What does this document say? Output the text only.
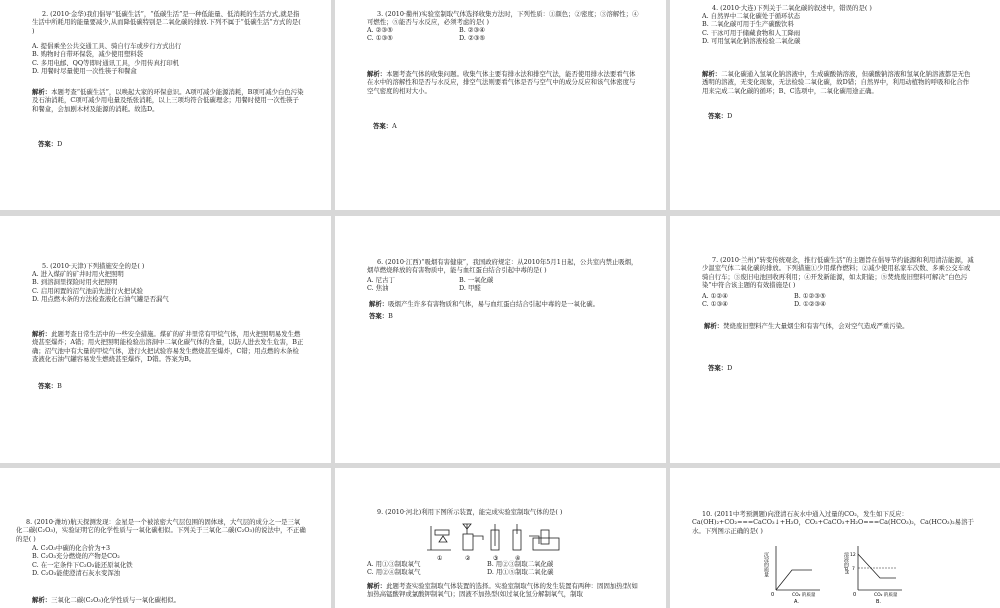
2. (2010·金华)我们倡导“低碳生活”，“低碳生活”是一种低能量、低消耗的生活方式,就是指生活中所耗用的能量要减少,从而降低碳特别是二氧化碳的排放.下列不属于“低碳生活”方式的是( )
A. 提倡乘坐公共交通工具、骑自行车或步行方式出行
B. 购物时自带环保袋，减少使用塑料袋
C. 多用电邮、QQ等即时通讯工具，少用传真打印机
D. 用餐时尽量使用一次性筷子和餐盒
解析：本题考查“低碳生活”，以唤起大家的环保意识。A项可减少能源消耗，B项可减少白色污染及石油消耗，C项可减少用电量及纸张消耗，以上三项均符合低碳理念；用餐时使用一次性筷子和餐盒，会加剧木材及能源的消耗。故选D。
答案：D
3. (2010·衢州)实验室制取气体选择收集方法时，下列性质：①颜色；②密度；③溶解性；④可燃性；⑤能否与水反应，必须考虑的是( )
A. ②③⑤	B. ②③④
C. ①③⑤	D. ②③⑤
解析：本题考查气体的收集问题。收集气体主要有排水法和排空气法，能否使用排水法要看气体在水中的溶解性和是否与水反应，排空气法则要看气体是否与空气中的成分反应和该气体密度与空气密度的相对大小。
答案：A
4. (2010·大连)下列关于二氧化碳的叙述中，错误的是( )
A. 自然界中二氧化碳处于循环状态
B. 二氧化碳可用于生产碳酸饮料
C. 干冰可用于储藏食物和人工降雨
D. 可用氢氧化钠溶液检验二氧化碳
解析：二氧化碳通入氢氧化钠溶液中，生成碳酸钠溶液，但碳酸钠溶液和氢氧化钠溶液都是无色透明的溶液，无变化现象，无法检验二氧化碳，故D错；自然界中，利用动植物的呼吸和化合作用来完成二氧化碳的循环；B、C选项中，二氧化碳用途正确。
答案：D
5. (2010·天津)下列措施安全的是( )
A. 进入煤矿的矿井时用火把照明
B. 到溶洞里探险时用火把照明
C. 启用闲置的沼气池前先进行火把试验
D. 用点燃木条的方法检查液化石油气罐是否漏气
解析：此题考查日常生活中的一些安全措施。煤矿的矿井里常有甲烷气体，用火把照明易发生燃烧甚至爆炸；A错；用火把照明能检验出溶洞中二氧化碳气体的含量，以防人进去发生危害，B正确；沼气池中有大量的甲烷气体，进行火把试验容易发生燃烧甚至爆炸，C错；用点燃的木条检查液化石油气罐容易发生燃烧甚至爆炸，D错。答案为B。
答案：B
6. (2010·江西)“吸烟有害健康”，我国政府规定：从2010年5月1日起，公共室内禁止吸烟，烟草燃烧释放的有害物质中，能与血红蛋白结合引起中毒的是( )
A. 尼古丁	B. 一氧化碳
C. 焦油	D. 甲醛
解析：吸烟产生许多有害物质和气体，易与血红蛋白结合引起中毒的是一氧化碳。
答案：B
7. (2010·兰州)“转变传统观念，推行低碳生活”的主题旨在倡导节约能源和利用清洁能源，减少温室气体二氧化碳的排放。下列措施①少用煤作燃料；②减少使用私家车次数、多乘公交车或骑自行车；③废旧电池回收再利用；④开发新能源，如太阳能；⑤焚烧废旧塑料可解决“白色污染”中符合该主题的有效措施是( )
A. ①②④	B. ①②③⑤
C. ①③④	D. ①②③④
解析：焚烧废旧塑料产生大量烟尘和有害气体，会对空气造成严重污染。
答案：D
8. (2010·潍坊)航天探测发现：金星是一个被浓密大气层包围的固体球，大气层的成分之一是三氧化二碳(C₂O₃)，实验证明它的化学性质与一氧化碳相似。下列关于三氧化二碳(C₂O₃)的说法中，不正确的是( )
A. C₂O₃中碳的化合价为+3
B. C₂O₃充分燃烧的产物是CO₂
C. 在一定条件下C₂O₃能还原氧化铁
D. C₂O₃能使澄清石灰水变浑浊
解析：三氧化二碳(C₂O₃)化学性质与一氧化碳相似。
9. (2010·河北)利用下图所示装置，能完成实验室制取气体的是( )
①	②	③	④
A. 用①③制取氧气	B. 用②③制取二氧化碳
C. 用②④制取氧气	D. 用①⑤制取二氧化碳
解析：此题考查实验室制取气体装置的选择。实验室制取气体的发生装置有两种：固固加热型(如加热高锰酸钾或氯酸钾制氧气)；固液不加热型(如过氧化氢分解制氧气，制取
10. (2011中考预测题)向澄清石灰水中通入过量的CO₂，发生如下反应：Ca(OH)₂+CO₂===CaCO₃↓+H₂O，CO₂+CaCO₃+H₂O===Ca(HCO₃)₂，Ca(HCO₃)₂易溶于水。下列图示正确的是( )
沉淀的质量
CO₂ 的质量
0
A.
溶液的pH 12
7
CO₂ 的质量
0
B.
